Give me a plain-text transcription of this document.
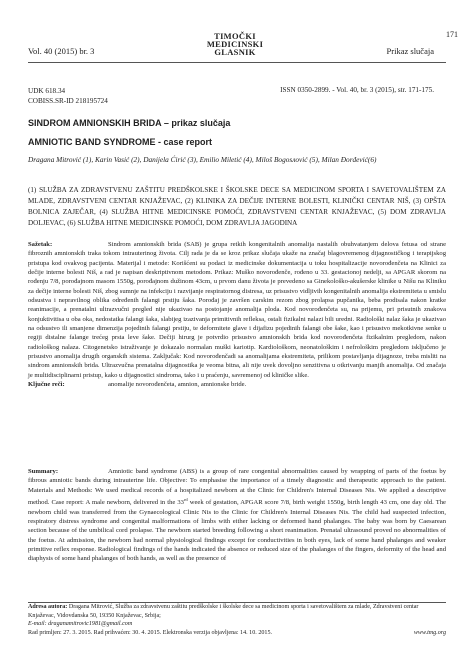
171
Vol. 40 (2015) br. 3
TIMOČKI
MEDICINSKI
GLASNIK	Prikaz slučaja
UDK 618.34
COBISS.SR-ID 218195724
ISSN 0350-2899. - Vol. 40, br. 3 (2015), str. 171-175.
SINDROM AMNIONSKIH BRIDA – prikaz slučaja
AMNIOTIC BAND SYNDROME - case report
Dragana Mitrović (1), Karin Vasić (2), Danijela Ćirić (3), Emilio Miletić (4), Miloš Bogosлović (5), Milan Đorđević(6)
(1) SLUŽBA ZA ZDRAVSTVENU ZAŠTITU PREDŠKOLSKE I ŠKOLSKE DECE SA MEDICINOM SPORTA I SAVETOVALIŠTEM ZA MLADE, ZDRAVSTVENI CENTAR KNJAŽEVAC, (2) KLINIKA ZA DEČIJE INTERNE BOLESTI, KLINIČKI CENTAR NIŠ, (3) OPŠTA BOLNICA ZAJEČAR, (4) SLUŽBA HITNE MEDICINSKE POMOĆI, ZDRAVSTVENI CENTAR KNJAŽEVAC, (5) DOM ZDRAVLJA DOLJEVAC, (6) SLUŽBA HITNE MEDICINSKE POMOĆI, DOM ZDRAVLJA JAGODINA

Sažetak:	Sindrom amnionskih brida (SAB) je grupa retkih kongenitalnih anomalija nastalih obuhvatanjem delova fetusa od strane fibroznih amnionskih traka tokom intrauterinog života. Cilj rada je da se kroz prikaz slučaja ukaže na značaj blagovremenog dijagnostičkog i terapijskog pristupa kod ovakvog pacijenta. Materijal i metode: Korišćeni su podaci iz medicinske dokumentacija u toku hospitalizacije novorođenčeta na Klinici za dečije interne bolesti Niš, a rad je napisan deskriptivnom metodom. Prikaz: Muško novorođenče, rođeno u 33. gestacionoj nedelji, sa APGAR skorom na rođenju 7/8, porođajnom masom 1550g, porođajnom dužinom 43cm, u prvom danu života je prevedeno sa Ginekološko-akušerske klinike u Nišu na Kliniku za dečije interne bolesti Niš, zbog sumnje na infekciju i razvijanje respiratornog distresa, uz prisustvo vidljivih kongenitalnih anomalija ekstremiteta u smislu odsustva i nepravilnog oblika određenih falangi prstiju šaka. Porođaj je završen carskim rezom zbog prolapsa pupčanika, beba prodisala nakon kratke reanimacije, a prenatalni ultrazvučni pregled nije ukazivao na postojanje anomalija ploda. Kod novorođenčeta su, na prijemu, pri prisutnih znakova konjuktivitisa u oba oka, nedostatka falangi šaka, slabijeg izazivanja primitivnih refleksa, ostali fizikalni nalazi bili uredni. Radiološki nalaz šaka je ukazivao na odsustvo ili smanjene dimenzija pojedinih falangi prstiju, te deformitete glave i dijafizu pojedinih falangi obe šake, kao i prisustvo mekotkivne senke u regiji distalne falange trećeg prsta leve šake. Dečiji hirurg je potvrdio prisustvo amnionskih brida kod novorođenčeta fizikalnim pregledom, nakon radiološkog nalaza. Citogenetsko istraživanje je dokazalo normalan muški kariotip. Kardiološkom, neonatološkim i nefrološkim pregledom isključeno je prisustvo anomalija drugih organskih sistema. Zaključak: Kod novorođenčadi sa anomalijama ekstremiteta, prilikom postavljanja dijagnoze, treba misliti na sindrom amnionskih brida. Ultrazvučna prenatalna dijagnostika je veoma bitna, ali nije uvek dovoljno senzitivna u otkrivanju manjih anomalija. Od značaja je multidisciplinarni pristup, kako u dijagnostici sindroma, tako i u praćenju, savremenoj od kliničke slike.

Ključne reči:	anomalije novorođenčeta, amnion, amnionske bride.

Summary:	Amniotic band syndrome (ABS) is a group of rare congenital abnormalities caused by wrapping of parts of the foetus by fibrous amniotic bands during intrauterine life. Objective: To emphasise the importance of a timely diagnostic and therapeutic approach to the patient. Materials and Methods: We used medical records of a hospitalized newborn at the Clinic for Children's Internal Diseases Nis. We applied a descriptive method. Case report: A male newborn, delivered in the 33rd week of gestation, APGAR score 7/8, birth weight 1550g, birth length 43 cm, one day old. The newborn child was transferred from the Gynaecological Clinic Nis to the Clinic for Children's Internal Diseases Nis. The child had suspected infection, respiratory distress syndrome and congenital malformations of limbs with either lacking or deformed hand phalanges. The baby was born by Caesarean section because of the umbilical cord prolapse. The newborn started breeding following a short reanimation. Prenatal ultrasound proved no abnormalities of the foetus. At admission, the newborn had normal physiological findings except for conductivities in both eyes, lack of some hand phalanges and weaker primitive reflex response. Radiological findings of the hands indicated the absence or reduced size of the phalanges of the fingers, deformity of the head and diaphysis of some hand phalanges of both hands, as well as the presence of

Adresa autora: Dragana Mitrović, Služba za zdravstvenu zaštitu predškolske i školske dece sa medicinom sporta i savetovalištem za mlade, Zdravstveni centar Knjaževac, Vidovdanska 50, 19350 Knjaževac, Srbija;
E-mail: draganamitrovic1981@gmail.com
Rad primljen: 27. 3. 2015. Rad prihvaćen: 30. 4. 2015. Elektronska verzija objavljena: 14. 10. 2015.	www.tmg.org
